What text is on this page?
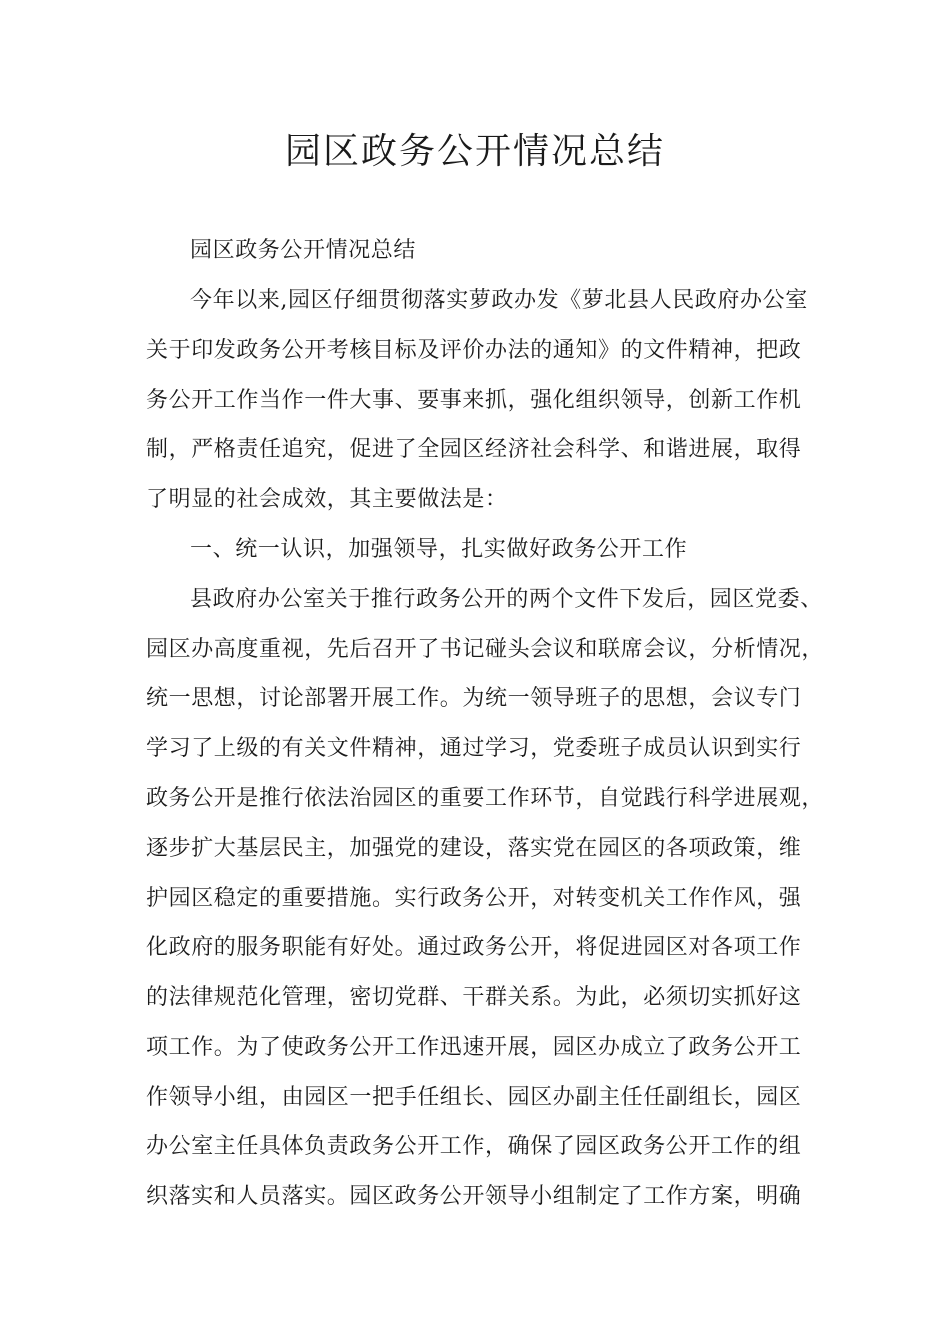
园区政务公开情况总结

园区政务公开情况总结

今年以来,园区仔细贯彻落实萝政办发《萝北县人民政府办公室

关于印发政务公开考核目标及评价办法的通知》的文件精神，把政

务公开工作当作一件大事、要事来抓，强化组织领导，创新工作机

制，严格责任追究，促进了全园区经济社会科学、和谐进展，取得

了明显的社会成效，其主要做法是：

一、统一认识，加强领导，扎实做好政务公开工作

县政府办公室关于推行政务公开的两个文件下发后，园区党委、

园区办高度重视，先后召开了书记碰头会议和联席会议，分析情况，

统一思想，讨论部署开展工作。为统一领导班子的思想，会议专门

学习了上级的有关文件精神，通过学习，党委班子成员认识到实行

政务公开是推行依法治园区的重要工作环节，自觉践行科学进展观，

逐步扩大基层民主，加强党的建设，落实党在园区的各项政策，维

护园区稳定的重要措施。实行政务公开，对转变机关工作作风，强

化政府的服务职能有好处。通过政务公开，将促进园区对各项工作

的法律规范化管理，密切党群、干群关系。为此，必须切实抓好这

项工作。为了使政务公开工作迅速开展，园区办成立了政务公开工

作领导小组，由园区一把手任组长、园区办副主任任副组长，园区

办公室主任具体负责政务公开工作，确保了园区政务公开工作的组

织落实和人员落实。园区政务公开领导小组制定了工作方案，明确
